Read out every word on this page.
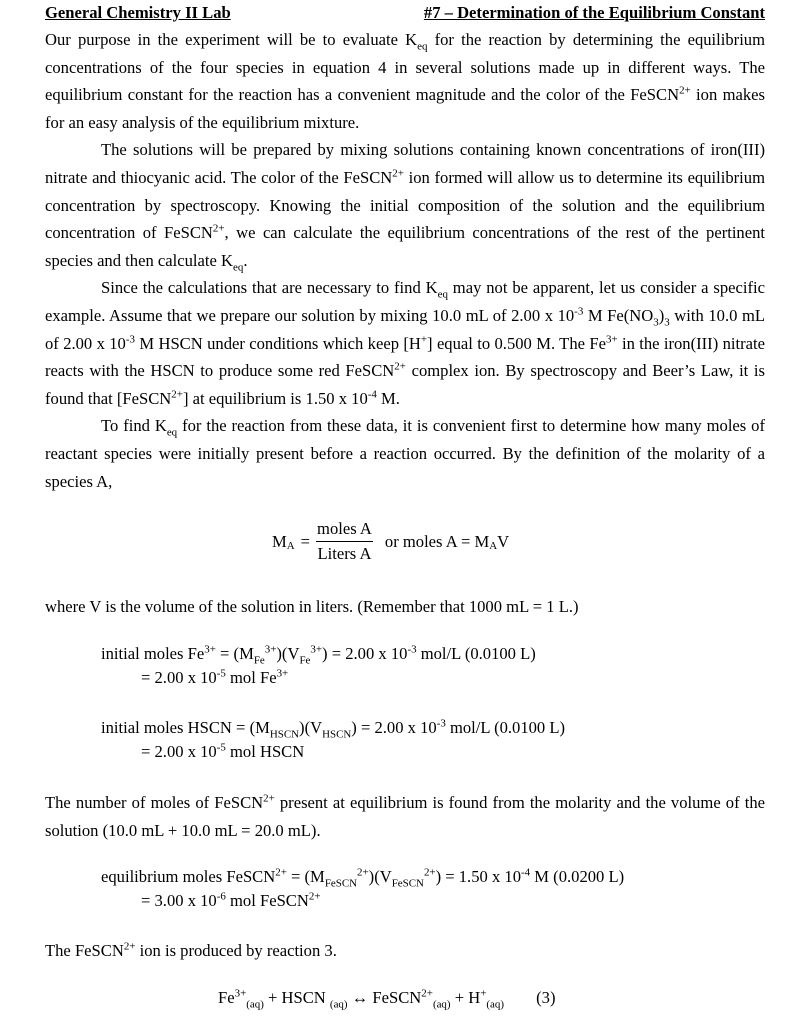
General Chemistry II Lab	#7 – Determination of the Equilibrium Constant

Our purpose in the experiment will be to evaluate $K_{eq}$ for the reaction by determining the equilibrium concentrations of the four species in equation 4 in several solutions made up in different ways. The equilibrium constant for the reaction has a convenient magnitude and the color of the FeSCN$^{2+}$ ion makes for an easy analysis of the equilibrium mixture.

The solutions will be prepared by mixing solutions containing known concentrations of iron(III) nitrate and thiocyanic acid. The color of the FeSCN$^{2+}$ ion formed will allow us to determine its equilibrium concentration by spectroscopy. Knowing the initial composition of the solution and the equilibrium concentration of FeSCN$^{2+}$, we can calculate the equilibrium concentrations of the rest of the pertinent species and then calculate $K_{eq}$.

Since the calculations that are necessary to find $K_{eq}$ may not be apparent, let us consider a specific example. Assume that we prepare our solution by mixing 10.0 mL of 2.00 x $10^{-3}$ M $Fe(NO_3)_3$ with 10.0 mL of 2.00 x $10^{-3}$ M HSCN under conditions which keep [H+] equal to 0.500 M. The $Fe^{3+}$ in the iron(III) nitrate reacts with the HSCN to produce some red FeSCN$^{2+}$ complex ion. By spectroscopy and Beer’s Law, it is found that [FeSCN$^{2+}$] at equilibrium is 1.50 x $10^{-4}$ M.

To find $K_{eq}$ for the reaction from these data, it is convenient first to determine how many moles of reactant species were initially present before a reaction occurred. By the definition of the molarity of a species A,

$M_A = \frac{\text{moles A}}{\text{Liters A}}$ or moles $A = M_A$ V

where V is the volume of the solution in liters. (Remember that 1000 mL = 1 L.)

initial moles $Fe^{3+} = (M_{Fe}^{3+})(V_{Fe}^{3+}) = 2.00$ x $10^{-3}$ mol/L (0.0100 L)
= 2.00 x $10^{-5}$ mol $Fe^{3+}$
initial moles HSCN = $(M_{HSCN})(V_{HSCN}) = 2.00$ x $10^{-3}$ mol/L (0.0100 L)
= 2.00 x $10^{-5}$ mol HSCN

The number of moles of FeSCN$^{2+}$ present at equilibrium is found from the molarity and the volume of the solution (10.0 mL + 10.0 mL = 20.0 mL).

equilibrium moles FeSCN$^{2+}$ = $(M_{FeSCN}^{2+})(V_{FeSCN}^{2+}) = 1.50$ x $10^{-4}$ M (0.0200 L)
= 3.00 x $10^{-6}$ mol FeSCN$^{2+}$

The FeSCN$^{2+}$ ion is produced by reaction 3.

$Fe^{3+}_{(aq)}$ + HSCN $_{(aq)}$ ↔ FeSCN$^{2+}_{(aq)}$ + $H^+_{(aq)}$ (3)
